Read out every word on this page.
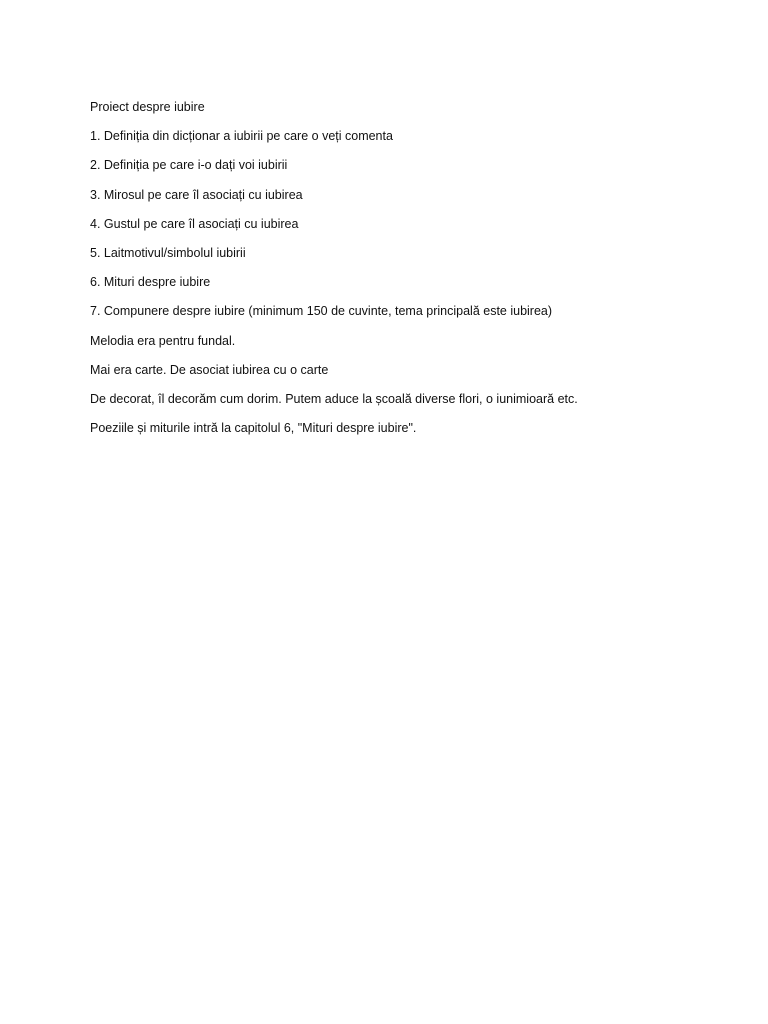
Proiect despre iubire

1. Definiția din dicționar a iubirii pe care o veți comenta

2. Definiția pe care i-o dați voi iubirii

3. Mirosul pe care îl asociați cu iubirea

4. Gustul pe care îl asociați cu iubirea

5. Laitmotivul/simbolul iubirii

6. Mituri despre iubire

7. Compunere despre iubire (minimum 150 de cuvinte, tema principală este iubirea)

Melodia era pentru fundal.

Mai era carte. De asociat iubirea cu o carte

De decorat, îl decorăm cum dorim. Putem aduce la școală diverse flori, o iunimioară etc.

Poeziile și miturile intră la capitolul 6, "Mituri despre iubire".
